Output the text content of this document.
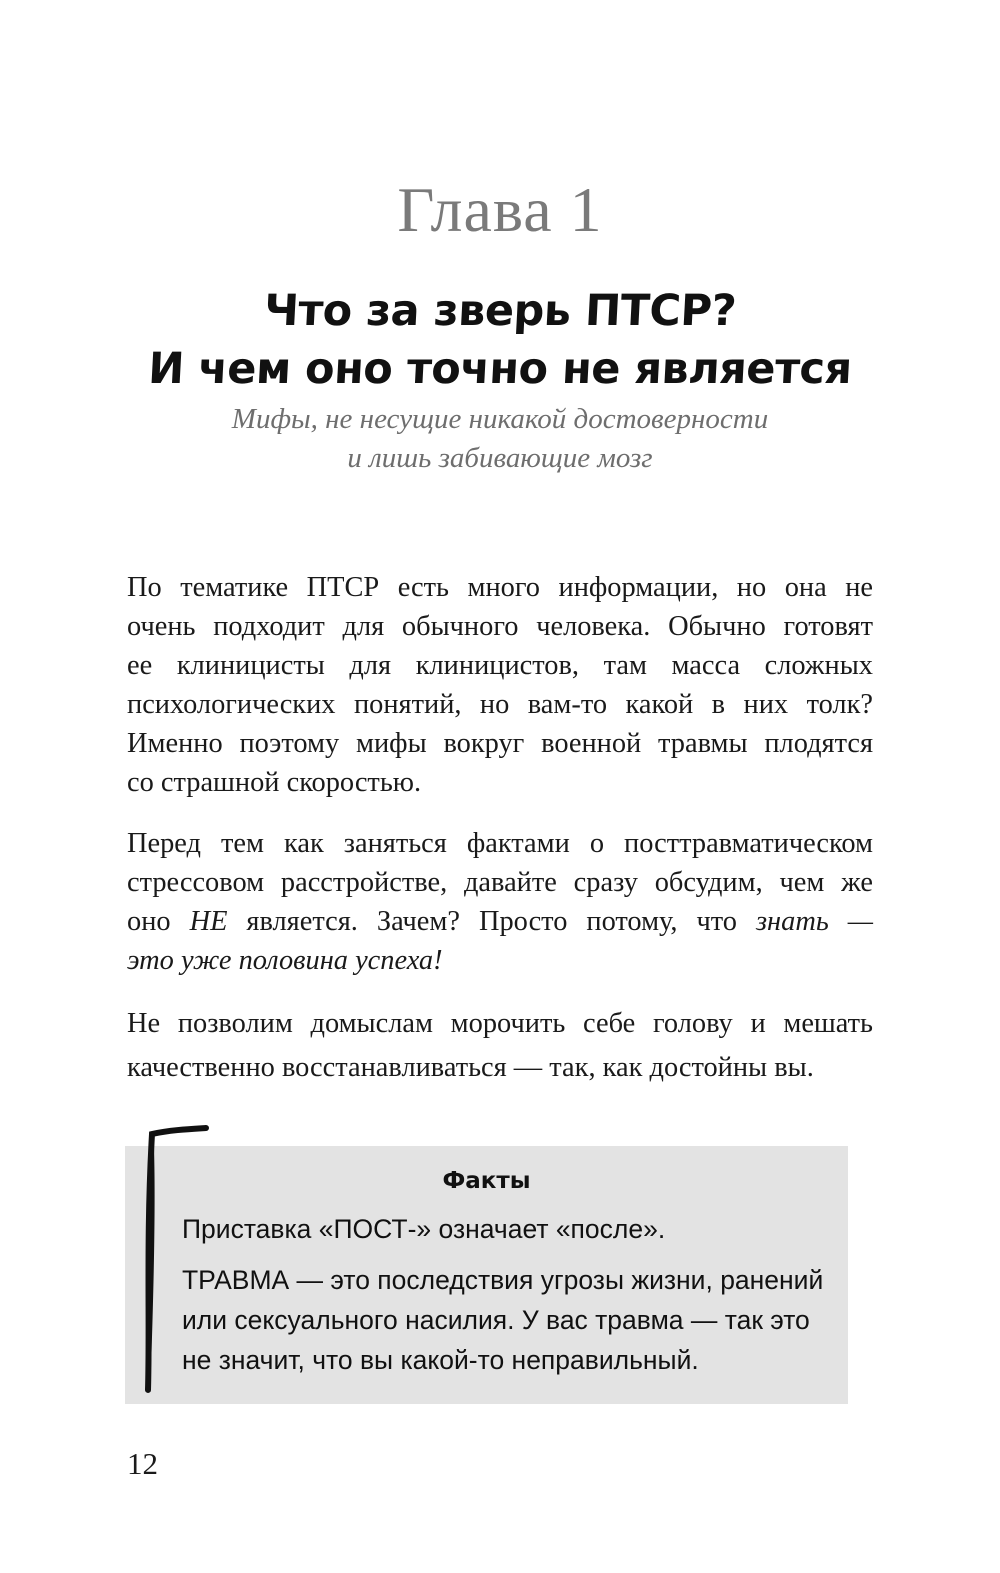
Глава 1
Что за зверь ПТСР?
И чем оно точно не является
Мифы, не несущие никакой достоверности
и лишь забивающие мозг
По тематике ПТСР есть много информации, но она не
очень подходит для обычного человека. Обычно готовят
ее клиницисты для клиницистов, там масса сложных
психологических понятий, но вам-то какой в них толк?
Именно поэтому мифы вокруг военной травмы плодятся
со страшной скоростью.
Перед тем как заняться фактами о посттравматическом
стрессовом расстройстве, давайте сразу обсудим, чем же
оно НЕ является. Зачем? Просто потому, что знать —
это уже половина успеха!
Не позволим домыслам морочить себе голову и мешать
качественно восстанавливаться — так, как достойны вы.
Факты
Приставка «ПОСТ-» означает «после».
ТРАВМА — это последствия угрозы жизни, ранений
или сексуального насилия. У вас травма — так это
не значит, что вы какой-то неправильный.
12
